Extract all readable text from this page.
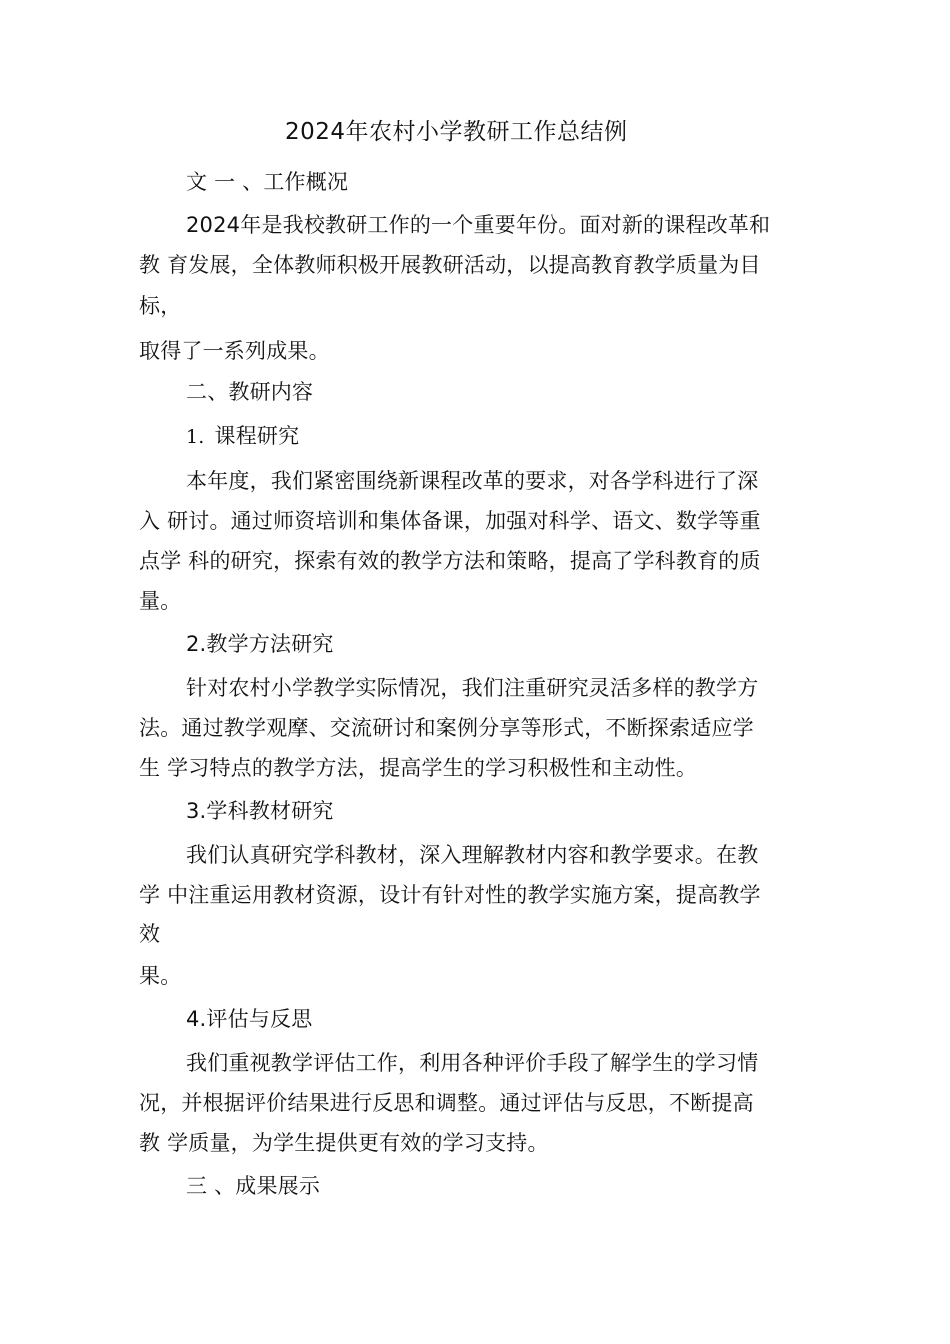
2024年农村小学教研工作总结例
文 一 、工作概况
2024年是我校教研工作的一个重要年份。面对新的课程改革和
教 育发展，全体教师积极开展教研活动，以提高教育教学质量为目
标，
取得了一系列成果。
二、教研内容
1. 课程研究
本年度，我们紧密围绕新课程改革的要求，对各学科进行了深
入 研讨。通过师资培训和集体备课，加强对科学、语文、数学等重
点学 科的研究，探索有效的教学方法和策略，提高了学科教育的质
量。
2.教学方法研究
针对农村小学教学实际情况，我们注重研究灵活多样的教学方
法。通过教学观摩、交流研讨和案例分享等形式，不断探索适应学
生 学习特点的教学方法，提高学生的学习积极性和主动性。
3.学科教材研究
我们认真研究学科教材，深入理解教材内容和教学要求。在教
学 中注重运用教材资源，设计有针对性的教学实施方案，提高教学
效
果。
4.评估与反思
我们重视教学评估工作，利用各种评价手段了解学生的学习情
况，并根据评价结果进行反思和调整。通过评估与反思，不断提高
教 学质量，为学生提供更有效的学习支持。
三 、成果展示
